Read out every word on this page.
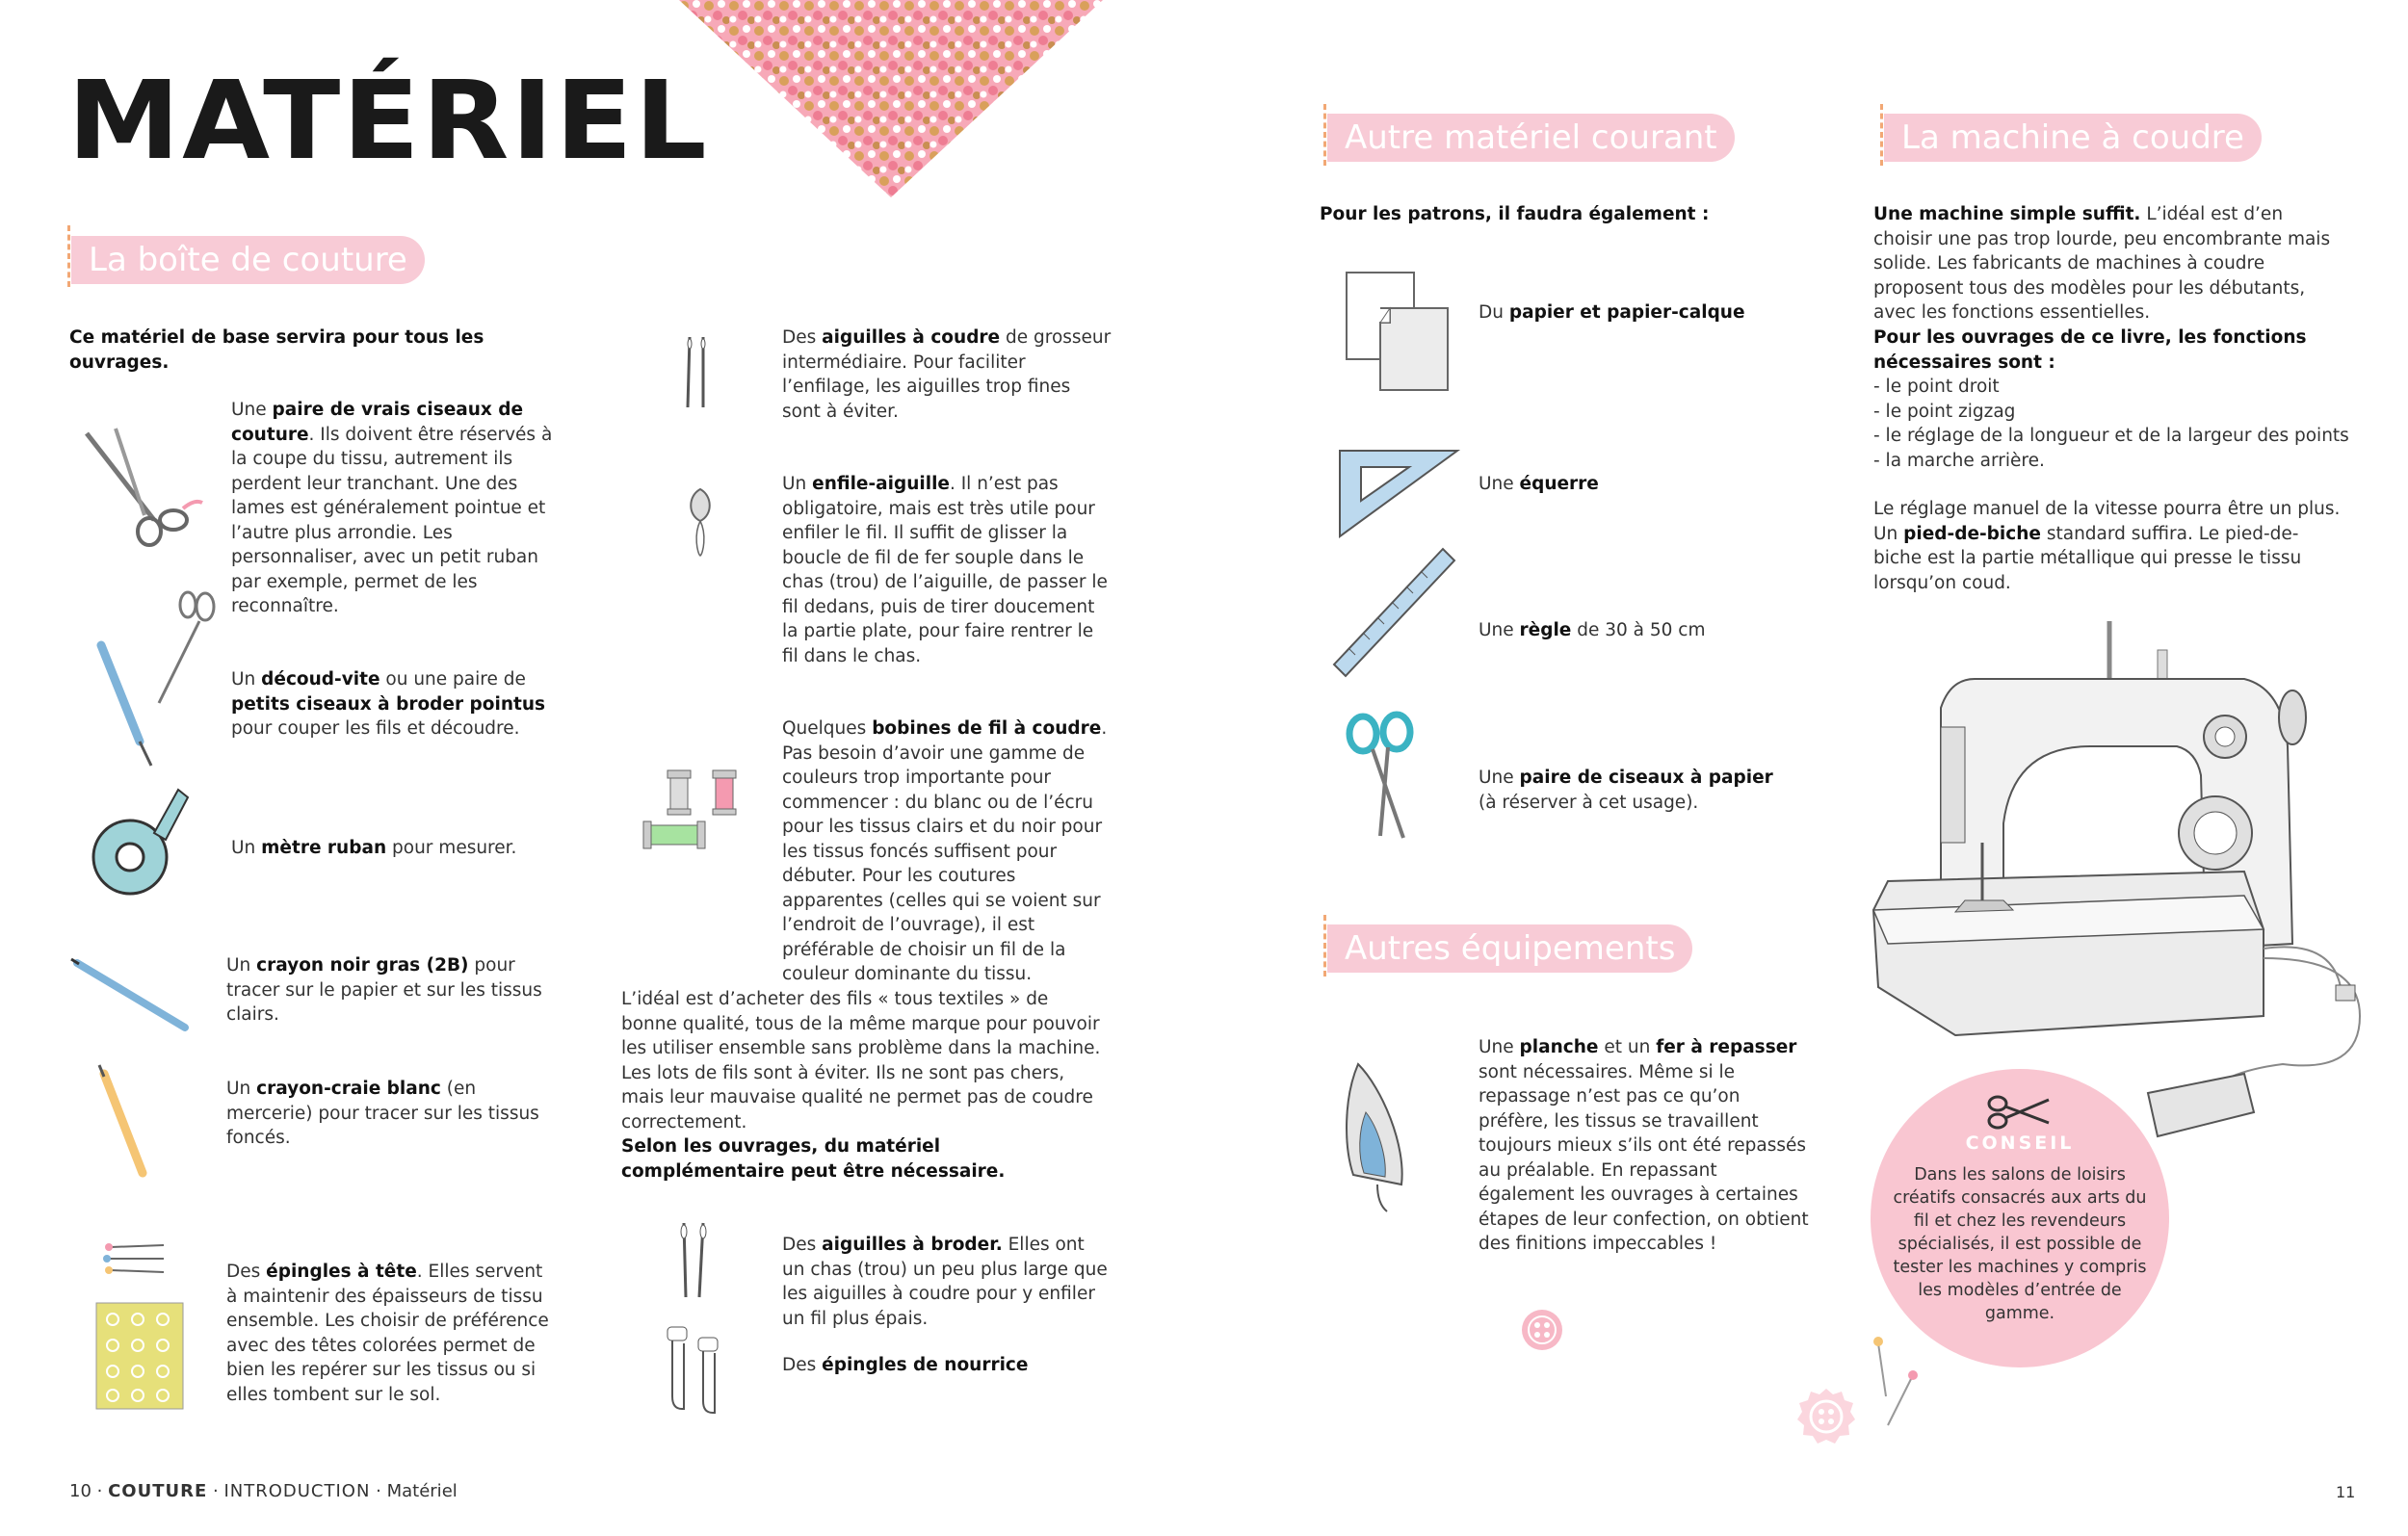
MATÉRIEL
La boîte de couture
Autre matériel courant	La machine à coudre
Autres équipements
Ce matériel de base servira pour tous les ouvrages.
Une paire de vrais ciseaux de couture. Ils doivent être réservés à la coupe du tissu, autrement ils perdent leur tranchant. Une des lames est généralement pointue et l’autre plus arrondie. Les personnaliser, avec un petit ruban par exemple, permet de les reconnaître.
Un découd-vite ou une paire de petits ciseaux à broder pointus pour couper les fils et découdre.
Un mètre ruban pour mesurer.
Un crayon noir gras (2B) pour tracer sur le papier et sur les tissus clairs.
Un crayon-craie blanc (en mercerie) pour tracer sur les tissus foncés.
Des épingles à tête. Elles servent à maintenir des épaisseurs de tissu ensemble. Les choisir de préférence avec des têtes colorées permet de bien les repérer sur les tissus ou si elles tombent sur le sol.
Des aiguilles à coudre de grosseur intermédiaire. Pour faciliter l’enfilage, les aiguilles trop fines sont à éviter.
Un enfile-aiguille. Il n’est pas obligatoire, mais est très utile pour enfiler le fil. Il suffit de glisser la boucle de fil de fer souple dans le chas (trou) de l’aiguille, de passer le fil dedans, puis de tirer doucement la partie plate, pour faire rentrer le fil dans le chas.
Quelques bobines de fil à coudre. Pas besoin d’avoir une gamme de couleurs trop importante pour commencer : du blanc ou de l’écru pour les tissus clairs et du noir pour les tissus foncés suffisent pour débuter. Pour les coutures apparentes (celles qui se voient sur l’endroit de l’ouvrage), il est préférable de choisir un fil de la couleur dominante du tissu.
L’idéal est d’acheter des fils « tous textiles » de bonne qualité, tous de la même marque pour pouvoir les utiliser ensemble sans problème dans la machine. Les lots de fils sont à éviter. Ils ne sont pas chers, mais leur mauvaise qualité ne permet pas de coudre correctement.
Selon les ouvrages, du matériel complémentaire peut être nécessaire.
Des aiguilles à broder. Elles ont un chas (trou) un peu plus large que les aiguilles à coudre pour y enfiler un fil plus épais.
Des épingles de nourrice
Pour les patrons, il faudra également :
Du papier et papier-calque
Une équerre
Une règle de 30 à 50 cm
Une paire de ciseaux à papier
(à réserver à cet usage).
Une planche et un fer à repasser sont nécessaires. Même si le repassage n’est pas ce qu’on préfère, les tissus se travaillent toujours mieux s’ils ont été repassés au préalable. En repassant également les ouvrages à certaines étapes de leur confection, on obtient des finitions impeccables !
Une machine simple suffit. L’idéal est d’en choisir une pas trop lourde, peu encombrante mais solide. Les fabricants de machines à coudre proposent tous des modèles pour les débutants, avec les fonctions essentielles.
Pour les ouvrages de ce livre, les fonctions nécessaires sont :
- le point droit
- le point zigzag
- le réglage de la longueur et de la largeur des points
- la marche arrière.
Le réglage manuel de la vitesse pourra être un plus. Un pied-de-biche standard suffira. Le pied-de-biche est la partie métallique qui presse le tissu lorsqu’on coud.
CONSEIL
Dans les salons de loisirs créatifs consacrés aux arts du fil et chez les revendeurs spécialisés, il est possible de tester les machines y compris les modèles d’entrée de gamme.
10 · COUTURE · INTRODUCTION · Matériel	11
